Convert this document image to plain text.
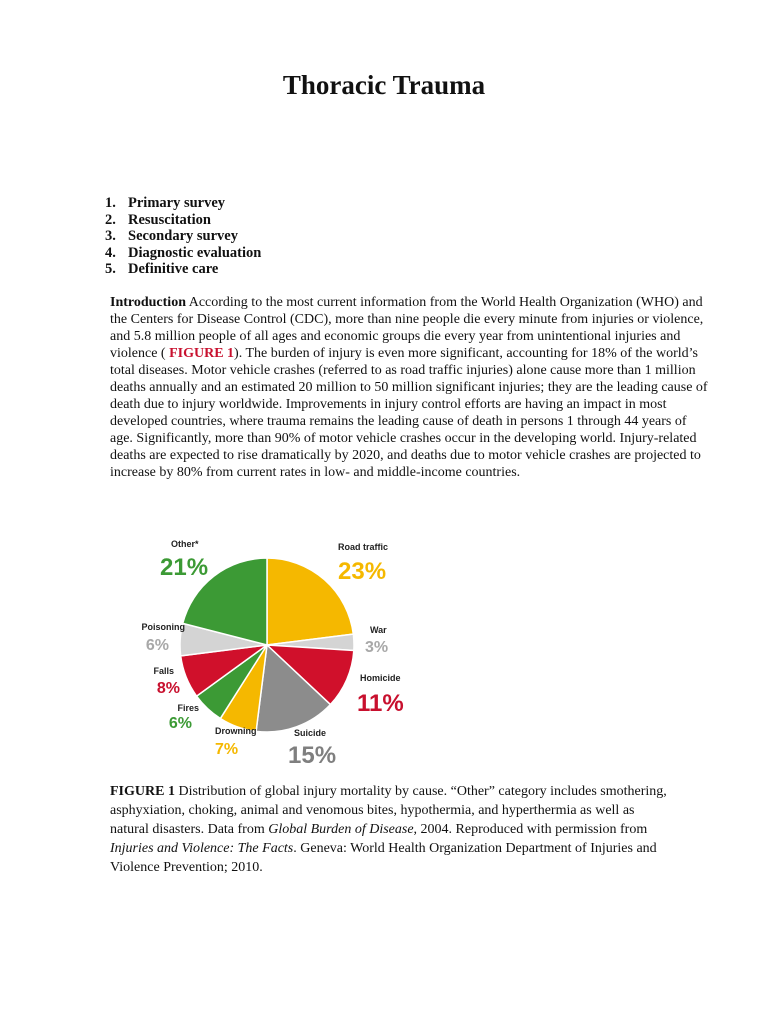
Thoracic Trauma
1. Primary survey
2. Resuscitation
3. Secondary survey
4. Diagnostic evaluation
5. Definitive care

Introduction According to the most current information from the World Health Organization (WHO) and the Centers for Disease Control (CDC), more than nine people die every minute from injuries or violence, and 5.8 million people of all ages and economic groups die every year from unintentional injuries and violence ( FIGURE 1). The burden of injury is even more significant, accounting for 18% of the world’s total diseases. Motor vehicle crashes (referred to as road traffic injuries) alone cause more than 1 million deaths annually and an estimated 20 million to 50 million significant injuries; they are the leading cause of death due to injury worldwide. Improvements in injury control efforts are having an impact in most developed countries, where trauma remains the leading cause of death in persons 1 through 44 years of age. Significantly, more than 90% of motor vehicle crashes occur in the developing world. Injury-related deaths are expected to rise dramatically by 2020, and deaths due to motor vehicle crashes are projected to increase by 80% from current rates in low- and middle-income countries.

Road traffic
23%
War
3%
Homicide
11%
Suicide
15%
Drowning
7%
Fires
6%
Falls
8%
Poisoning
6%
Other*
21%

FIGURE 1 Distribution of global injury mortality by cause. “Other” category includes smothering, asphyxiation, choking, animal and venomous bites, hypothermia, and hyperthermia as well as natural disasters. Data from Global Burden of Disease, 2004. Reproduced with permission from Injuries and Violence: The Facts. Geneva: World Health Organization Department of Injuries and Violence Prevention; 2010.
